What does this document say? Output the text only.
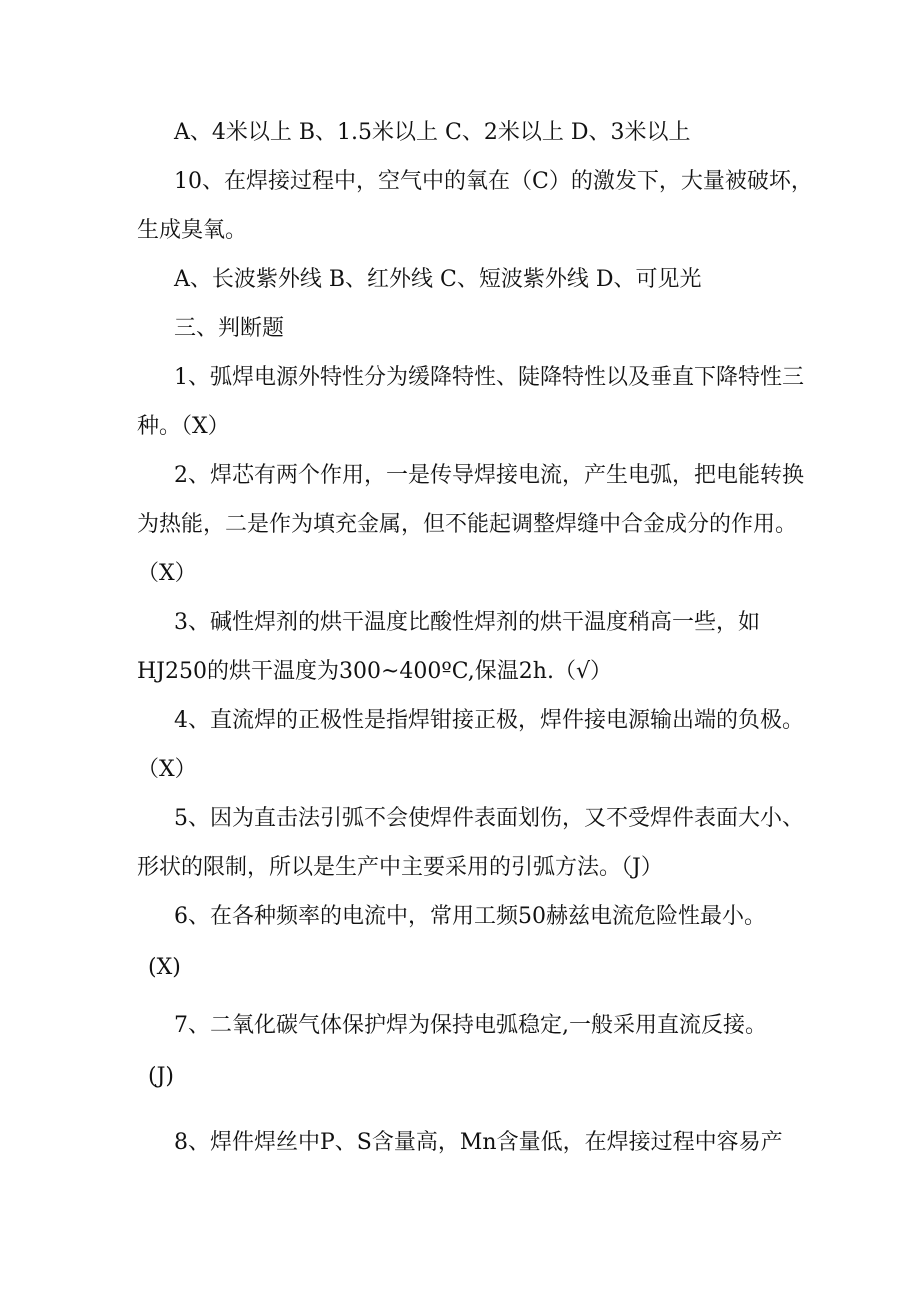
A、4米以上 B、1.5米以上 C、2米以上 D、3米以上

10、在焊接过程中，空气中的氧在（C）的激发下，大量被破坏，

生成臭氧。

A、长波紫外线 B、红外线 C、短波紫外线 D、可见光

三、判断题

1、弧焊电源外特性分为缓降特性、陡降特性以及垂直下降特性三

种。（X）

2、焊芯有两个作用，一是传导焊接电流，产生电弧，把电能转换

为热能，二是作为填充金属，但不能起调整焊缝中合金成分的作用。

（X）

3、碱性焊剂的烘干温度比酸性焊剂的烘干温度稍高一些，如

HJ250的烘干温度为300~400ºC,保温2h.（√）

4、直流焊的正极性是指焊钳接正极，焊件接电源输出端的负极。

（X）

5、因为直击法引弧不会使焊件表面划伤，又不受焊件表面大小、

形状的限制，所以是生产中主要采用的引弧方法。（J）

6、在各种频率的电流中，常用工频50赫兹电流危险性最小。

(X)

7、二氧化碳气体保护焊为保持电弧稳定,一般采用直流反接。

(J)

8、焊件焊丝中P、S含量高，Mn含量低，在焊接过程中容易产
